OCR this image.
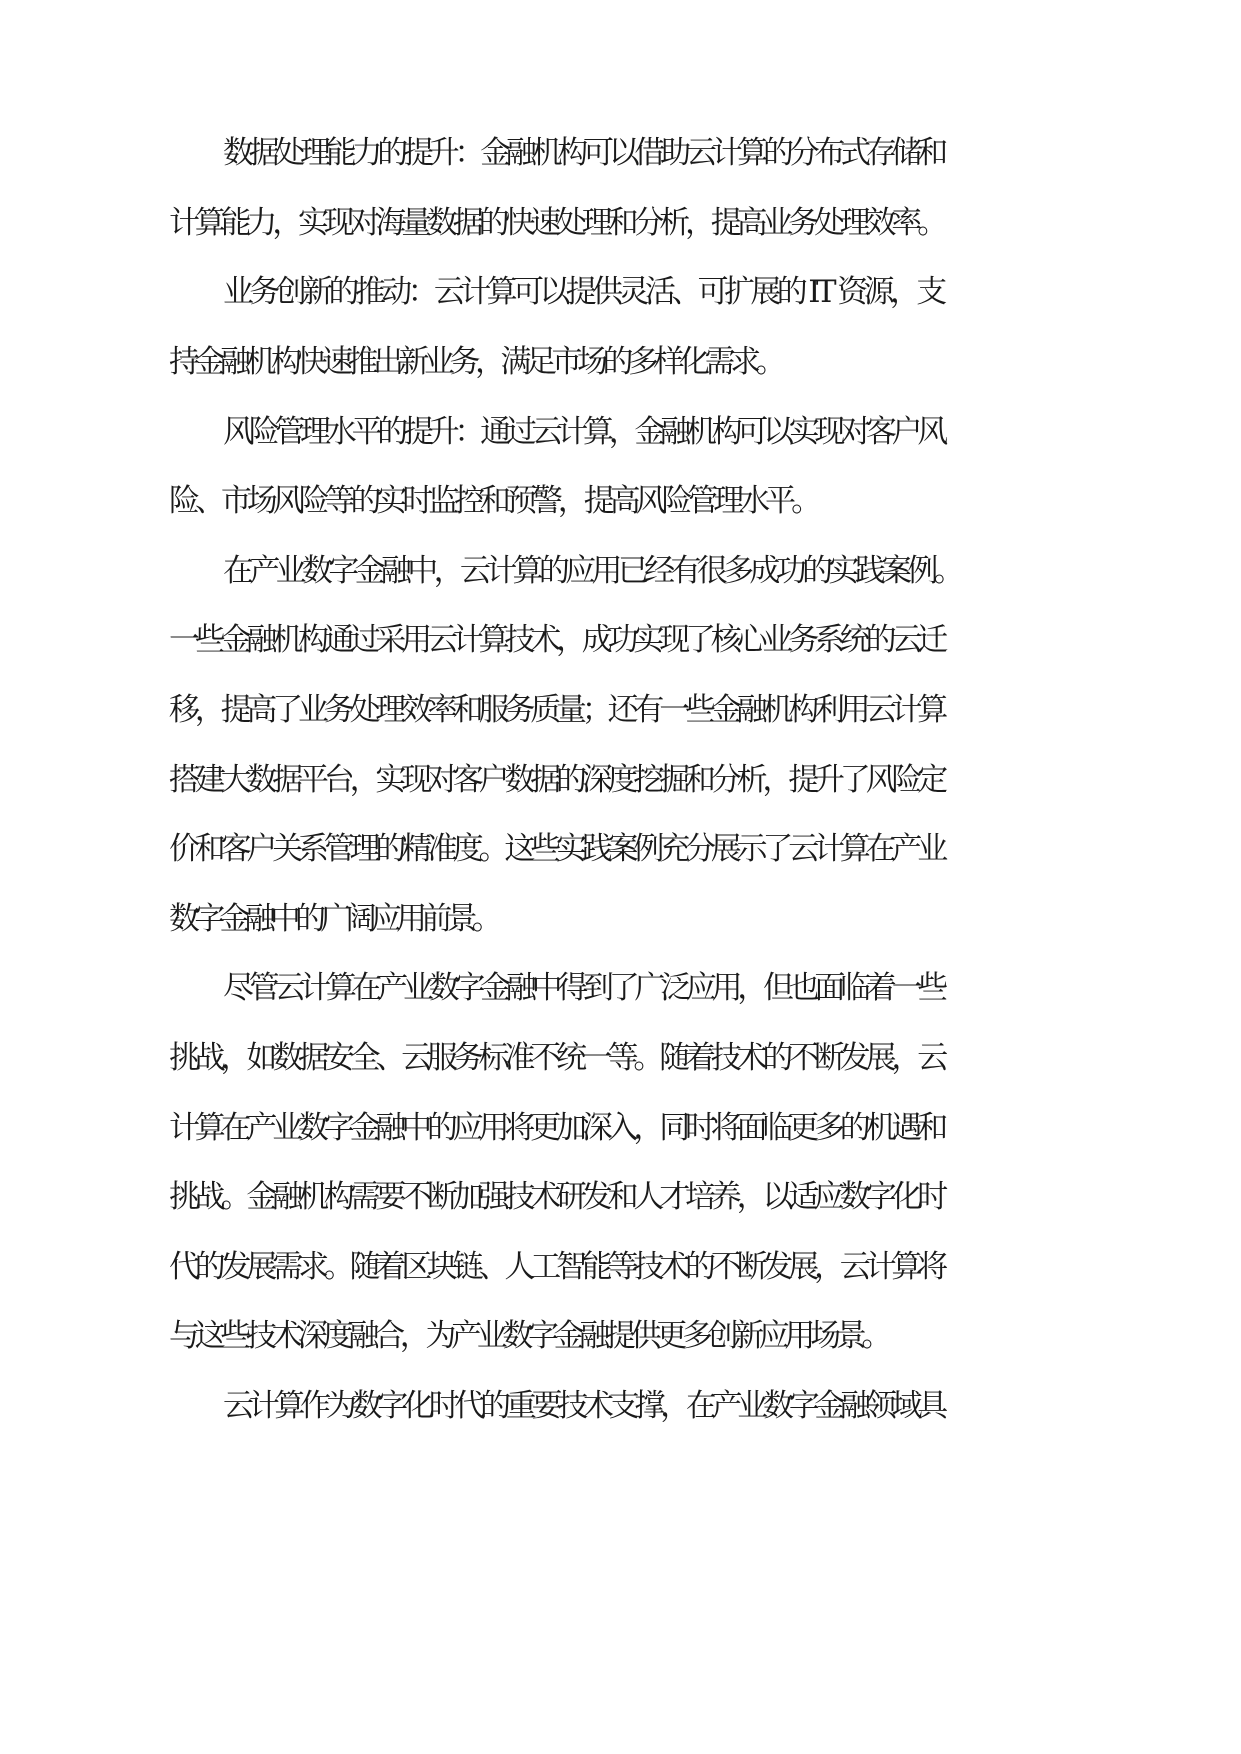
数据处理能力的提升：金融机构可以借助云计算的分布式存储和
计算能力，实现对海量数据的快速处理和分析，提高业务处理效率。
业务创新的推动：云计算可以提供灵活、可扩展的 IT 资源，支
持金融机构快速推出新业务，满足市场的多样化需求。
风险管理水平的提升：通过云计算，金融机构可以实现对客户风
险、市场风险等的实时监控和预警，提高风险管理水平。
在产业数字金融中，云计算的应用已经有很多成功的实践案例。
一些金融机构通过采用云计算技术，成功实现了核心业务系统的云迁
移，提高了业务处理效率和服务质量；还有一些金融机构利用云计算
搭建大数据平台，实现对客户数据的深度挖掘和分析，提升了风险定
价和客户关系管理的精准度。这些实践案例充分展示了云计算在产业
数字金融中的广阔应用前景。
尽管云计算在产业数字金融中得到了广泛应用，但也面临着一些
挑战，如数据安全、云服务标准不统一等。随着技术的不断发展，云
计算在产业数字金融中的应用将更加深入，同时将面临更多的机遇和
挑战。金融机构需要不断加强技术研发和人才培养，以适应数字化时
代的发展需求。随着区块链、人工智能等技术的不断发展，云计算将
与这些技术深度融合，为产业数字金融提供更多创新应用场景。
云计算作为数字化时代的重要技术支撑，在产业数字金融领域具
